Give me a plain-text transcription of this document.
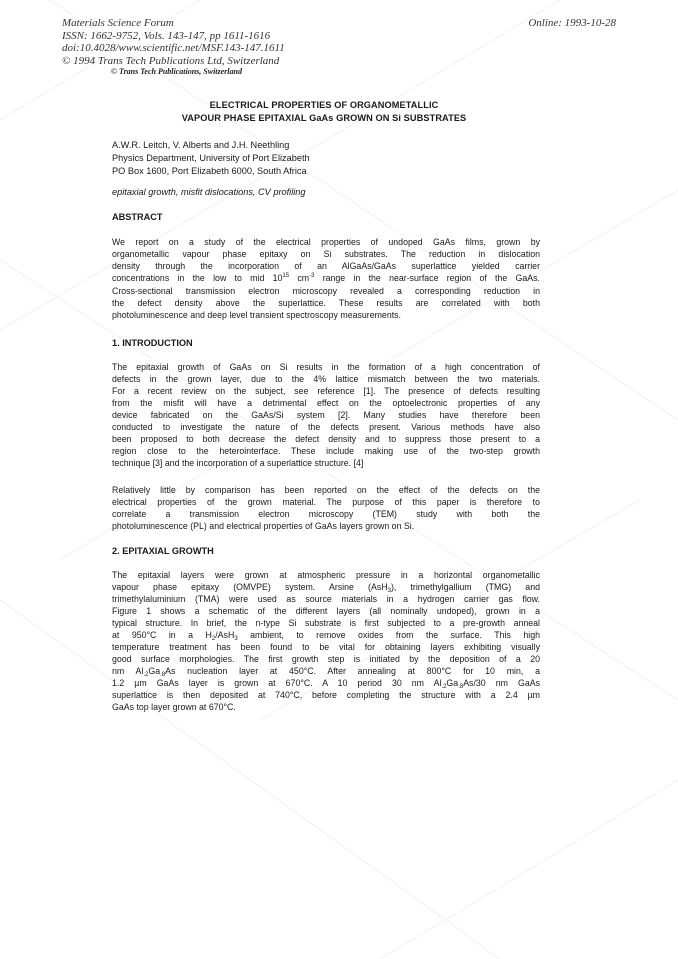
Materials Science Forum
ISSN: 1662-9752, Vols. 143-147, pp 1611-1616
doi:10.4028/www.scientific.net/MSF.143-147.1611
© 1994 Trans Tech Publications Ltd, Switzerland
Online: 1993-10-28
© Trans Tech Publications, Switzerland
ELECTRICAL PROPERTIES OF ORGANOMETALLIC
VAPOUR PHASE EPITAXIAL GaAs GROWN ON Si SUBSTRATES
A.W.R. Leitch, V. Alberts and J.H. Neethling
Physics Department, University of Port Elizabeth
PO Box 1600, Port Elizabeth 6000, South Africa
epitaxial growth, misfit dislocations, CV profiling
ABSTRACT
We report on a study of the electrical properties of undoped GaAs films, grown by
organometallic vapour phase epitaxy on Si substrates. The reduction in dislocation
density through the incorporation of an AlGaAs/GaAs superlattice yielded carrier
concentrations in the low to mid $10^{15}$ $cm^{-3}$ range in the near-surface region of the GaAs.
Cross-sectional transmission electron microscopy revealed a corresponding reduction in
the defect density above the superlattice. These results are correlated with both
photoluminescence and deep level transient spectroscopy measurements.
1. INTRODUCTION
The epitaxial growth of GaAs on Si results in the formation of a high concentration of
defects in the grown layer, due to the 4% lattice mismatch between the two materials.
For a recent review on the subject, see reference [1]. The presence of defects resulting
from the misfit will have a detrimental effect on the optoelectronic properties of any
device fabricated on the GaAs/Si system [2]. Many studies have therefore been
conducted to investigate the nature of the defects present. Various methods have also
been proposed to both decrease the defect density and to suppress those present to a
region close to the heterointerface. These include making use of the two-step growth
technique [3] and the incorporation of a superlattice structure. [4]
Relatively little by comparison has been reported on the effect of the defects on the
electrical properties of the grown material. The purpose of this paper is therefore to
correlate a transmission electron microscopy (TEM) study with both the
photoluminescence (PL) and electrical properties of GaAs layers grown on Si.
2. EPITAXIAL GROWTH
The epitaxial layers were grown at atmospheric pressure in a horizontal organometallic
vapour phase epitaxy (OMVPE) system. Arsine (AsH$_3$), trimethylgallium (TMG) and
trimethylaluminium (TMA) were used as source materials in a hydrogen carrier gas flow.
Figure 1 shows a schematic of the different layers (all nominally undoped), grown in a
typical structure. In brief, the n-type Si substrate is first subjected to a pre-growth anneal
at 950°C in a $H_2/AsH_3$ ambient, to remove oxides from the surface. This high
temperature treatment has been found to be vital for obtaining layers exhibiting visually
good surface morphologies. The first growth step is initiated by the deposition of a 20
nm $Al_{.2}Ga_{.8}As$ nucleation layer at 450°C. After annealing at 800°C for 10 min, a
1.2 µm GaAs layer is grown at 670°C. A 10 period 30 nm $Al_{.2}Ga_{.8}As/30$ nm GaAs
superlattice is then deposited at 740°C, before completing the structure with a 2.4 µm
GaAs top layer grown at 670°C.
